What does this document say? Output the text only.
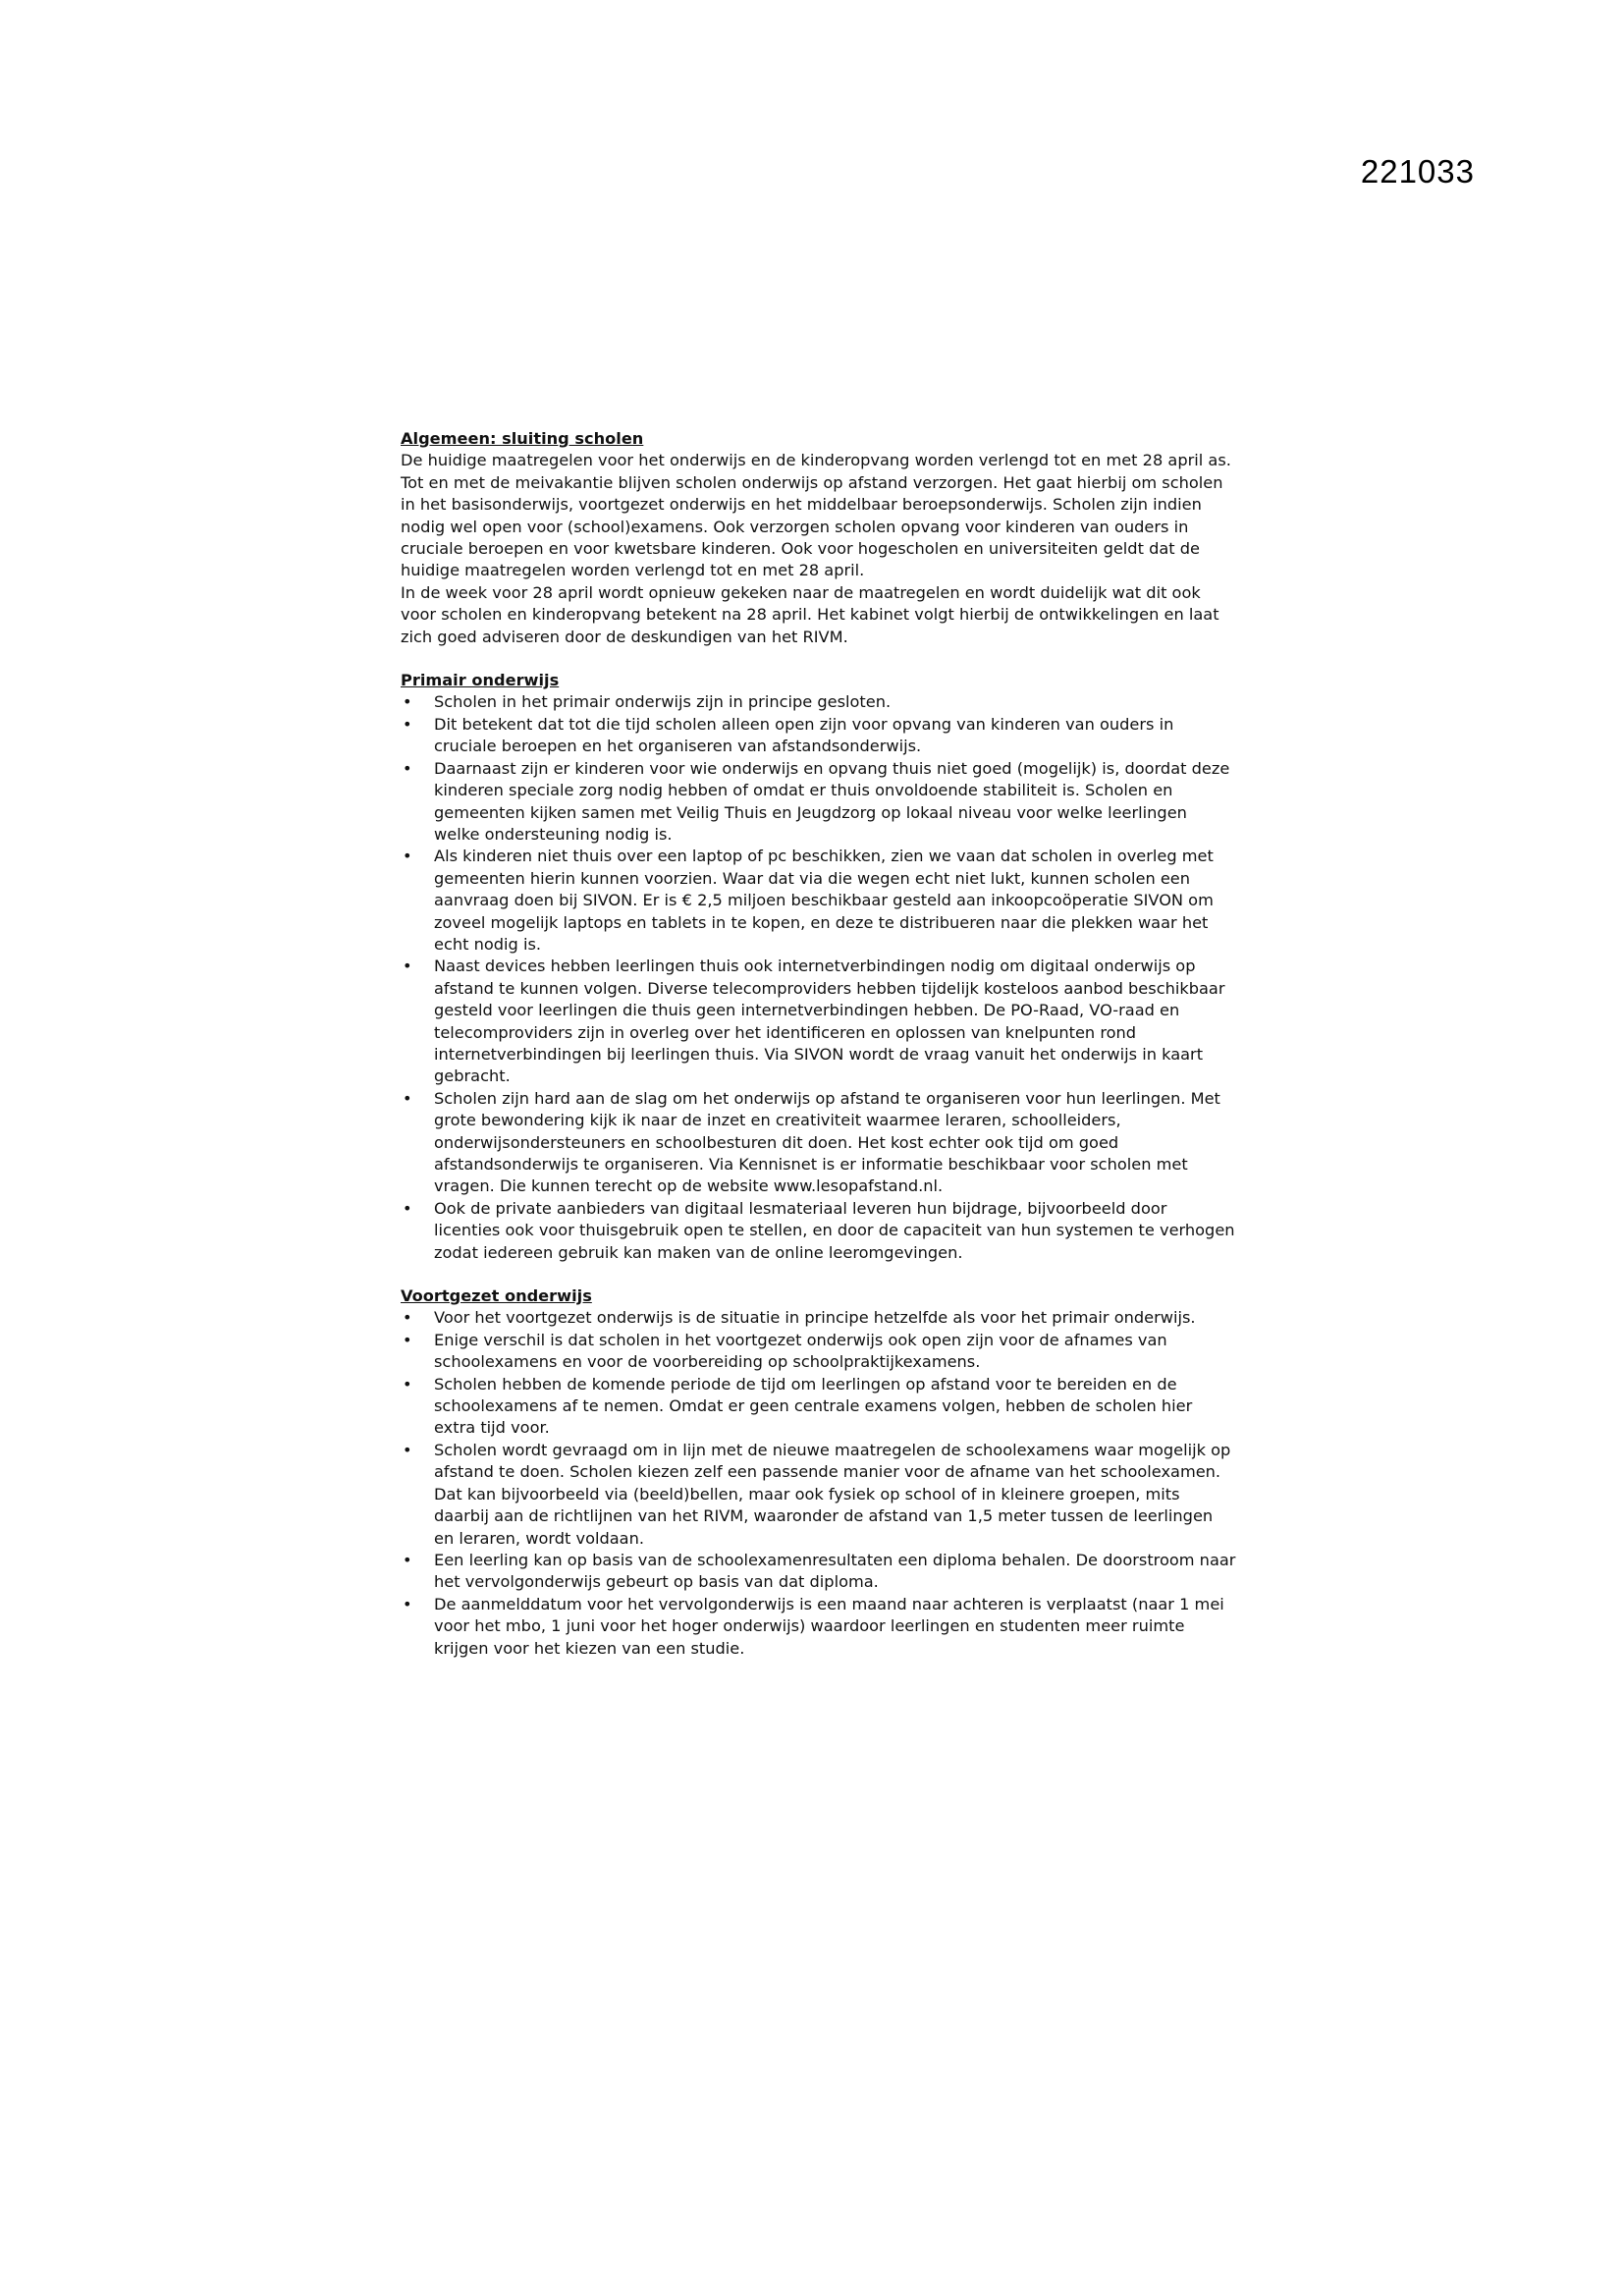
221033
Algemeen: sluiting scholen

De huidige maatregelen voor het onderwijs en de kinderopvang worden verlengd tot en met 28 april as. Tot en met de meivakantie blijven scholen onderwijs op afstand verzorgen. Het gaat hierbij om scholen in het basisonderwijs, voortgezet onderwijs en het middelbaar beroepsonderwijs. Scholen zijn indien nodig wel open voor (school)examens. Ook verzorgen scholen opvang voor kinderen van ouders in cruciale beroepen en voor kwetsbare kinderen. Ook voor hogescholen en universiteiten geldt dat de huidige maatregelen worden verlengd tot en met 28 april.

In de week voor 28 april wordt opnieuw gekeken naar de maatregelen en wordt duidelijk wat dit ook voor scholen en kinderopvang betekent na 28 april. Het kabinet volgt hierbij de ontwikkelingen en laat zich goed adviseren door de deskundigen van het RIVM.

Primair onderwijs
• Scholen in het primair onderwijs zijn in principe gesloten.
• Dit betekent dat tot die tijd scholen alleen open zijn voor opvang van kinderen van ouders in cruciale beroepen en het organiseren van afstandsonderwijs.
• Daarnaast zijn er kinderen voor wie onderwijs en opvang thuis niet goed (mogelijk) is, doordat deze kinderen speciale zorg nodig hebben of omdat er thuis onvoldoende stabiliteit is. Scholen en gemeenten kijken samen met Veilig Thuis en Jeugdzorg op lokaal niveau voor welke leerlingen welke ondersteuning nodig is.
• Als kinderen niet thuis over een laptop of pc beschikken, zien we vaan dat scholen in overleg met gemeenten hierin kunnen voorzien. Waar dat via die wegen echt niet lukt, kunnen scholen een aanvraag doen bij SIVON. Er is € 2,5 miljoen beschikbaar gesteld aan inkoopcoöperatie SIVON om zoveel mogelijk laptops en tablets in te kopen, en deze te distribueren naar die plekken waar het echt nodig is.
• Naast devices hebben leerlingen thuis ook internetverbindingen nodig om digitaal onderwijs op afstand te kunnen volgen. Diverse telecomproviders hebben tijdelijk kosteloos aanbod beschikbaar gesteld voor leerlingen die thuis geen internetverbindingen hebben. De PO-Raad, VO-raad en telecomproviders zijn in overleg over het identificeren en oplossen van knelpunten rond internetverbindingen bij leerlingen thuis. Via SIVON wordt de vraag vanuit het onderwijs in kaart gebracht.
• Scholen zijn hard aan de slag om het onderwijs op afstand te organiseren voor hun leerlingen. Met grote bewondering kijk ik naar de inzet en creativiteit waarmee leraren, schoolleiders, onderwijsondersteuners en schoolbesturen dit doen. Het kost echter ook tijd om goed afstandsonderwijs te organiseren. Via Kennisnet is er informatie beschikbaar voor scholen met vragen. Die kunnen terecht op de website www.lesopafstand.nl.
• Ook de private aanbieders van digitaal lesmateriaal leveren hun bijdrage, bijvoorbeeld door licenties ook voor thuisgebruik open te stellen, en door de capaciteit van hun systemen te verhogen zodat iedereen gebruik kan maken van de online leeromgevingen.
Voortgezet onderwijs
• Voor het voortgezet onderwijs is de situatie in principe hetzelfde als voor het primair onderwijs.
• Enige verschil is dat scholen in het voortgezet onderwijs ook open zijn voor de afnames van schoolexamens en voor de voorbereiding op schoolpraktijkexamens.
• Scholen hebben de komende periode de tijd om leerlingen op afstand voor te bereiden en de schoolexamens af te nemen. Omdat er geen centrale examens volgen, hebben de scholen hier extra tijd voor.
• Scholen wordt gevraagd om in lijn met de nieuwe maatregelen de schoolexamens waar mogelijk op afstand te doen. Scholen kiezen zelf een passende manier voor de afname van het schoolexamen. Dat kan bijvoorbeeld via (beeld)bellen, maar ook fysiek op school of in kleinere groepen, mits daarbij aan de richtlijnen van het RIVM, waaronder de afstand van 1,5 meter tussen de leerlingen en leraren, wordt voldaan.
• Een leerling kan op basis van de schoolexamenresultaten een diploma behalen. De doorstroom naar het vervolgonderwijs gebeurt op basis van dat diploma.
• De aanmelddatum voor het vervolgonderwijs is een maand naar achteren is verplaatst (naar 1 mei voor het mbo, 1 juni voor het hoger onderwijs) waardoor leerlingen en studenten meer ruimte krijgen voor het kiezen van een studie.
